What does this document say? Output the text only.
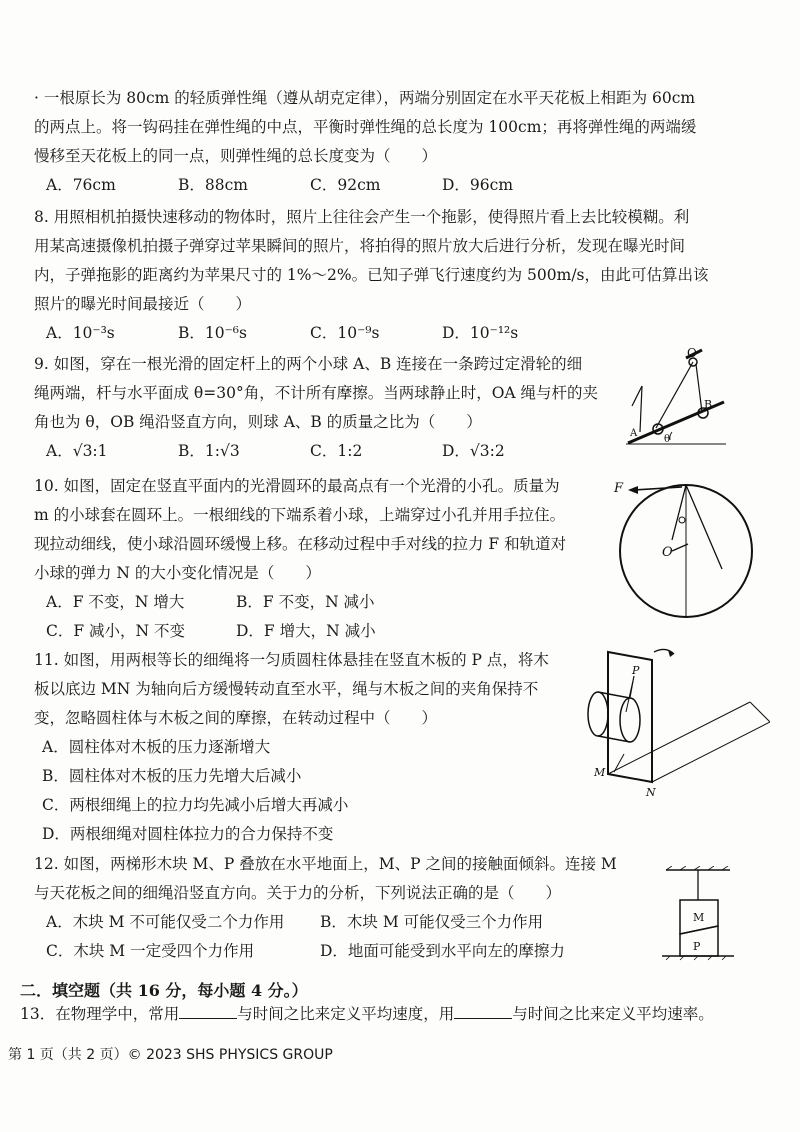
· 一根原长为 80cm 的轻质弹性绳（遵从胡克定律），两端分别固定在水平天花板上相距为 60cm

的两点上。将一钩码挂在弹性绳的中点，平衡时弹性绳的总长度为 100cm；再将弹性绳的两端缓

慢移至天花板上的同一点，则弹性绳的总长度变为（　　）

A．76cm	B．88cm	C．92cm	D．96cm

8. 用照相机拍摄快速移动的物体时，照片上往往会产生一个拖影，使得照片看上去比较模糊。利

用某高速摄像机拍摄子弹穿过苹果瞬间的照片，将拍得的照片放大后进行分析，发现在曝光时间

内，子弹拖影的距离约为苹果尺寸的 1%～2%。已知子弹飞行速度约为 500m/s，由此可估算出该

照片的曝光时间最接近（　　）

A．10⁻³s	B．10⁻⁶s	C．10⁻⁹s	D．10⁻¹²s

9. 如图，穿在一根光滑的固定杆上的两个小球 A、B 连接在一条跨过定滑轮的细

绳两端，杆与水平面成 θ=30°角，不计所有摩擦。当两球静止时，OA 绳与杆的夹

角也为 θ，OB 绳沿竖直方向，则球 A、B 的质量之比为（　　）

A．√3:1	B．1:√3	C．1:2	D．√3:2
O
B
A
θ

10. 如图，固定在竖直平面内的光滑圆环的最高点有一个光滑的小孔。质量为

m 的小球套在圆环上。一根细线的下端系着小球，上端穿过小孔并用手拉住。

现拉动细线，使小球沿圆环缓慢上移。在移动过程中手对线的拉力 F 和轨道对

小球的弹力 N 的大小变化情况是（　　）

A．F 不变，N 增大	B．F 不变，N 减小
C．F 减小，N 不变	D．F 增大，N 减小
F
O

11. 如图，用两根等长的细绳将一匀质圆柱体悬挂在竖直木板的 P 点，将木

板以底边 MN 为轴向后方缓慢转动直至水平，绳与木板之间的夹角保持不

变，忽略圆柱体与木板之间的摩擦，在转动过程中（　　）

A．圆柱体对木板的压力逐渐增大

B．圆柱体对木板的压力先增大后减小

C．两根细绳上的拉力均先减小后增大再减小

D．两根细绳对圆柱体拉力的合力保持不变

P
M
N

12. 如图，两梯形木块 M、P 叠放在水平地面上，M、P 之间的接触面倾斜。连接 M

与天花板之间的细绳沿竖直方向。关于力的分析，下列说法正确的是（　　）

A．木块 M 不可能仅受二个力作用	B．木块 M 可能仅受三个力作用
C．木块 M 一定受四个力作用	D．地面可能受到水平向左的摩擦力
M
P
二．填空题（共 16 分，每小题 4 分。）

13．在物理学中，常用	与时间之比来定义平均速度，用	与时间之比来定义平均速率。

第 1 页（共 2 页）© 2023 SHS PHYSICS GROUP
